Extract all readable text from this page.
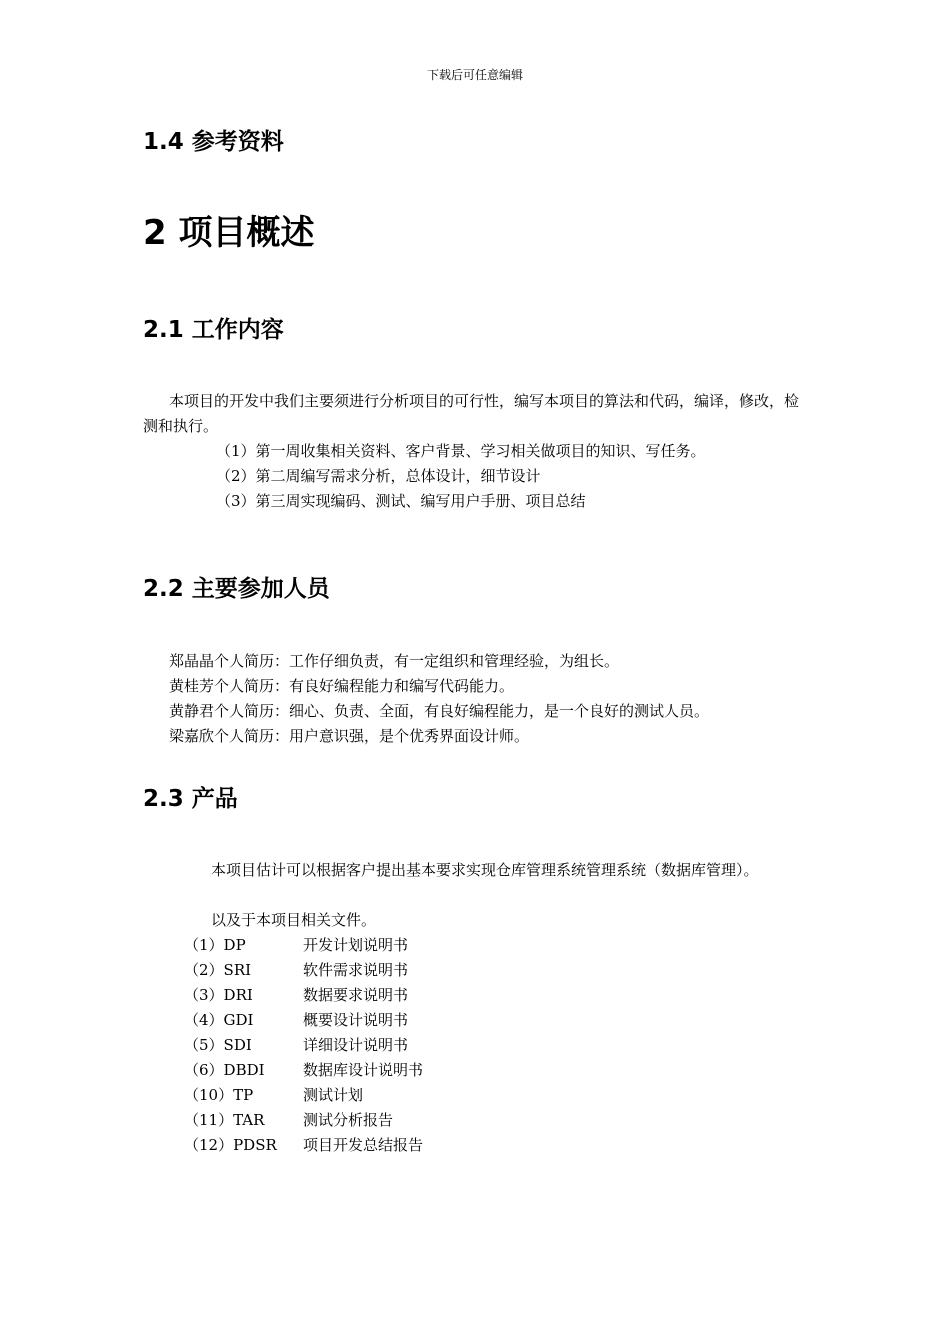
下载后可任意编辑
1.4 参考资料
2 项目概述
2.1 工作内容
本项目的开发中我们主要须进行分析项目的可行性，编写本项目的算法和代码，编译，修改，检测和执行。
（1）第一周收集相关资料、客户背景、学习相关做项目的知识、写任务。
（2）第二周编写需求分析，总体设计，细节设计
（3）第三周实现编码、测试、编写用户手册、项目总结
2.2 主要参加人员
郑晶晶个人简历：工作仔细负责，有一定组织和管理经验，为组长。
黄桂芳个人简历：有良好编程能力和编写代码能力。
黄静君个人简历：细心、负责、全面，有良好编程能力，是一个良好的测试人员。
梁嘉欣个人简历：用户意识强，是个优秀界面设计师。
2.3 产品
本项目估计可以根据客户提出基本要求实现仓库管理系统管理系统（数据库管理）。
以及于本项目相关文件。
（1）DP	开发计划说明书
（2）SRI	软件需求说明书
（3）DRI	数据要求说明书
（4）GDI	概要设计说明书
（5）SDI	详细设计说明书
（6）DBDI	数据库设计说明书
（10）TP	测试计划
（11）TAR	测试分析报告
（12）PDSR 项目开发总结报告
